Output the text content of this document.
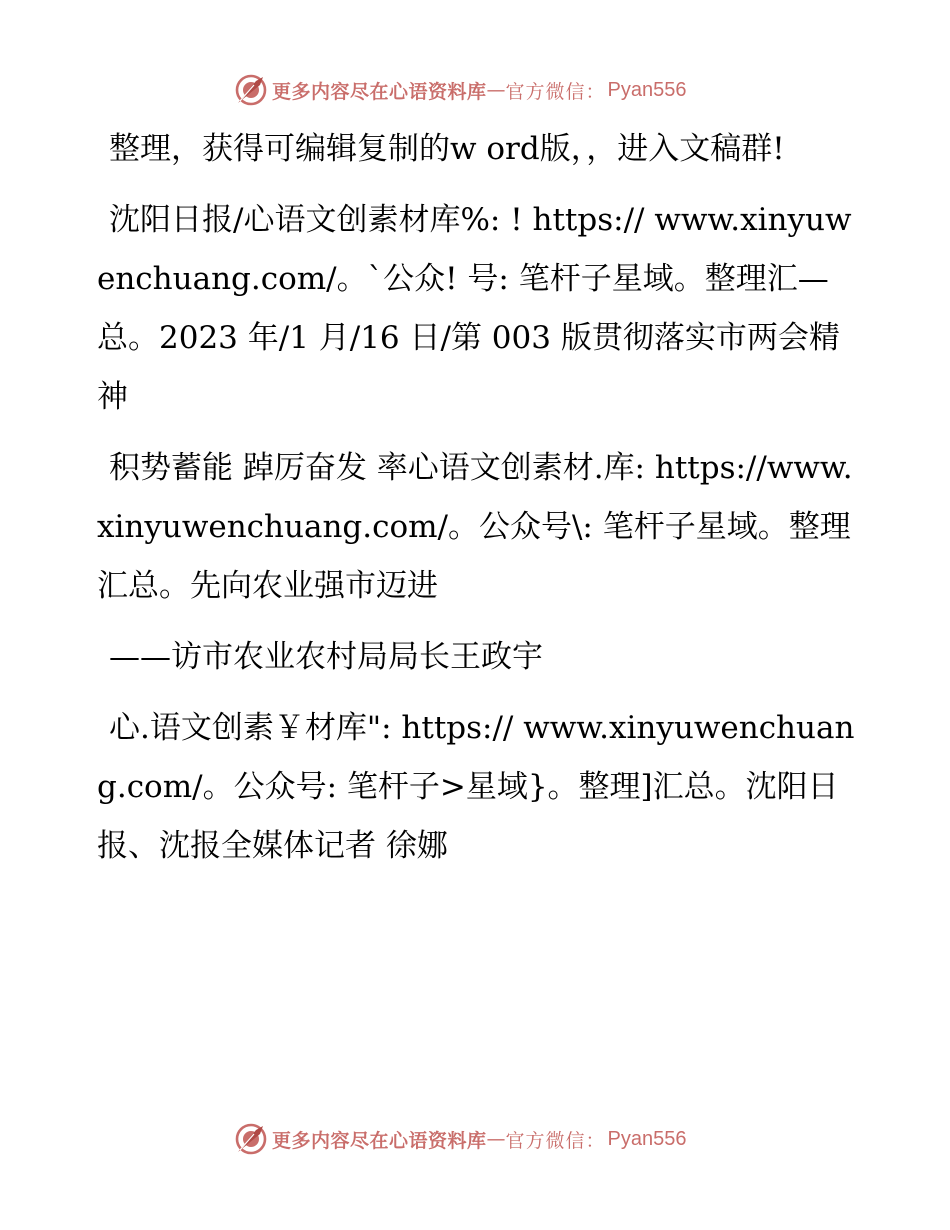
更多内容尽在心语资料库 — 官方微信： Pyan556

整理，获得可编辑复制的w ord版，，进入文稿群!

沈阳日报/心语文创素材库%: ! https:// www.xinyuwenchuang.com/。`公众! 号: 笔杆子星域。整理汇—总。2023 年/1 月/16 日/第 003 版贯彻落实市两会精神

积势蓄能 踔厉奋发 率心语文创素材.库: https://www.xinyuwenchuang.com/。公众号\: 笔杆子星域。整理汇总。先向农业强市迈进

——访市农业农村局局长王政宇

心.语文创素￥材库": https:// www.xinyuwenchuang.com/。公众号: 笔杆子>星域}。整理]汇总。沈阳日报、沈报全媒体记者 徐娜

更多内容尽在心语资料库 — 官方微信： Pyan556
